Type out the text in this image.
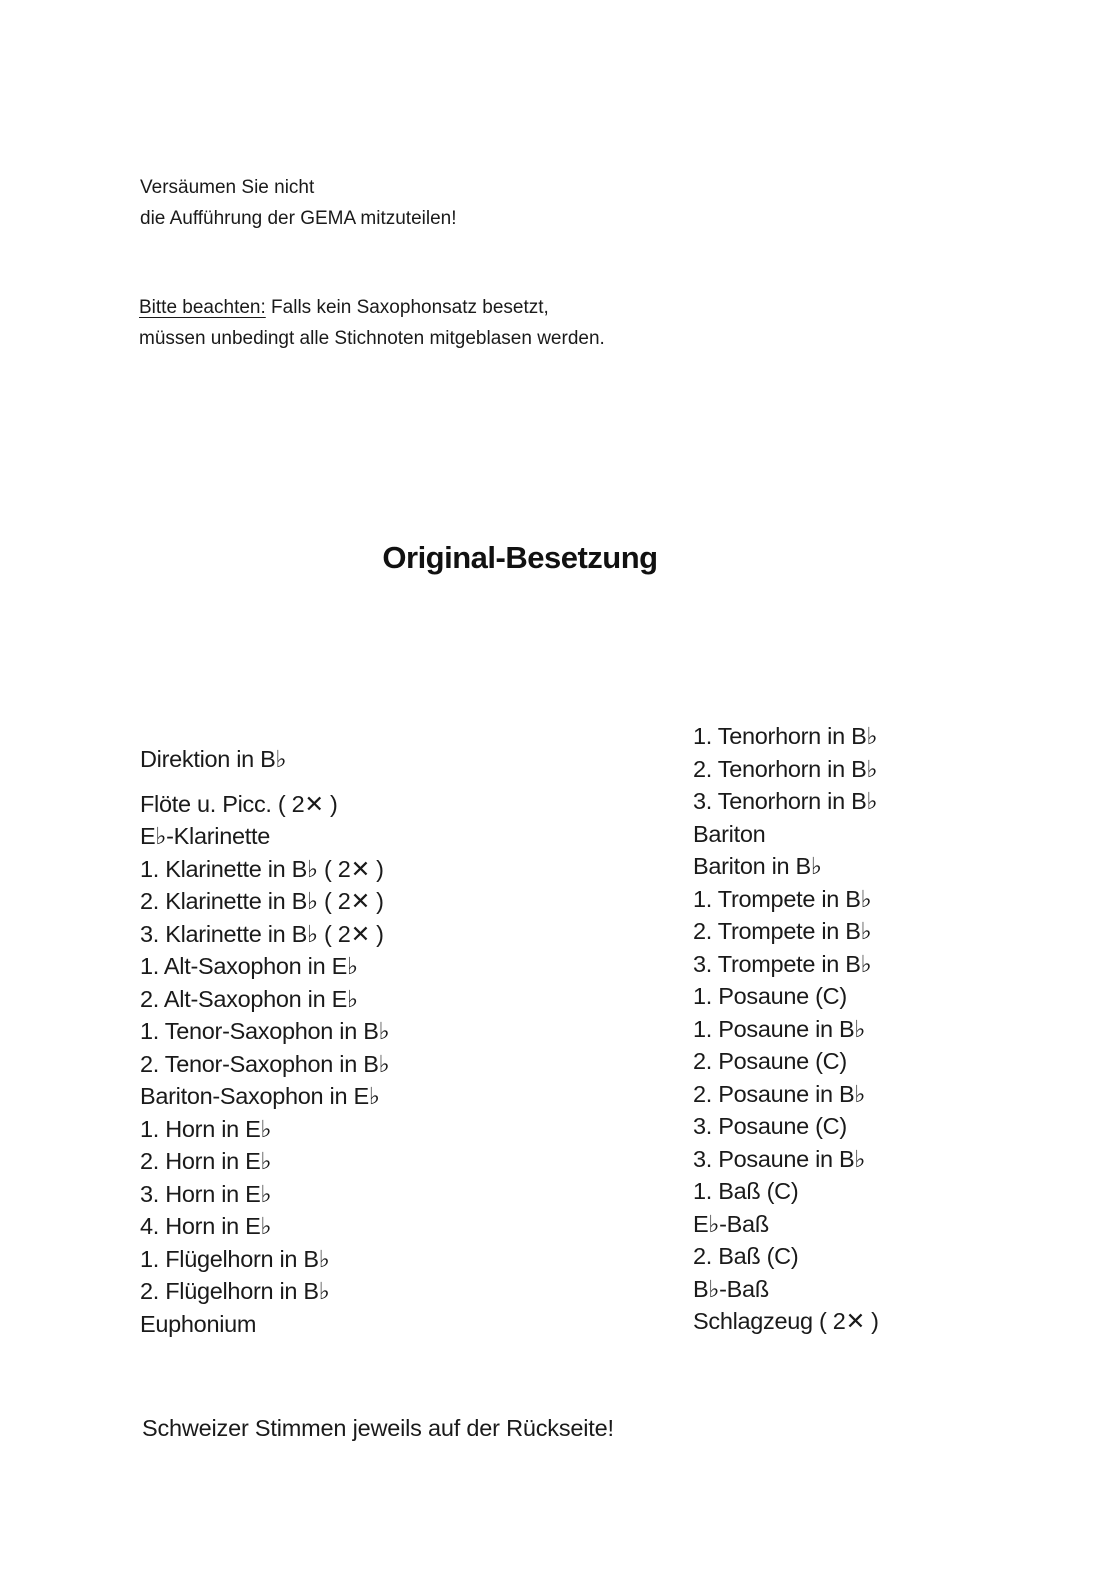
Versäumen Sie nicht
die Aufführung der GEMA mitzuteilen!
Bitte beachten: Falls kein Saxophonsatz besetzt,
müssen unbedingt alle Stichnoten mitgeblasen werden.
Original-Besetzung
Direktion in B♭
Flöte u. Picc. ( 2✕ )
E♭-Klarinette
1. Klarinette in B♭ ( 2✕ )
2. Klarinette in B♭ ( 2✕ )
3. Klarinette in B♭ ( 2✕ )
1. Alt-Saxophon in E♭
2. Alt-Saxophon in E♭
1. Tenor-Saxophon in B♭
2. Tenor-Saxophon in B♭
Bariton-Saxophon in E♭
1. Horn in E♭
2. Horn in E♭
3. Horn in E♭
4. Horn in E♭
1. Flügelhorn in B♭
2. Flügelhorn in B♭
Euphonium
1. Tenorhorn in B♭
2. Tenorhorn in B♭
3. Tenorhorn in B♭
Bariton
Bariton in B♭
1. Trompete in B♭
2. Trompete in B♭
3. Trompete in B♭
1. Posaune (C)
1. Posaune in B♭
2. Posaune (C)
2. Posaune in B♭
3. Posaune (C)
3. Posaune in B♭
1. Baß (C)
E♭-Baß
2. Baß (C)
B♭-Baß
Schlagzeug ( 2✕ )
Schweizer Stimmen jeweils auf der Rückseite!
